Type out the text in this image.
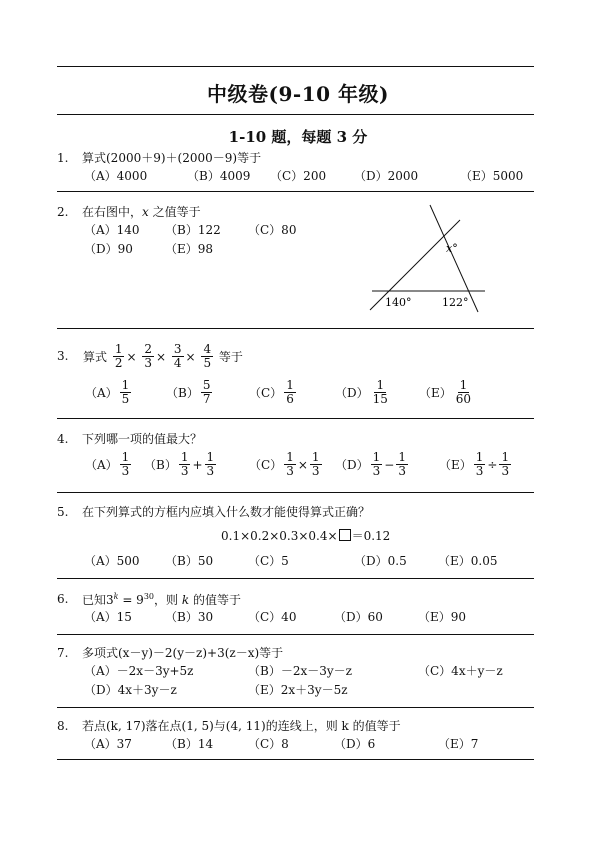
中级卷(9-10 年级)
1-10 题，每题 3 分
1. 算式(2000＋9)＋(2000－9)等于
（A）4000	（B）4009 （C）200 （D）2000	（E）5000
2. 在右图中，x 之值等于
（A）140 （B）122 （C）80
（D）90	（E）98	x°
140°	122°
3. 算式 $\frac{1}{2} \times \frac{2}{3} \times \frac{3}{4} \times \frac{4}{5}$ 等于
$(A) \frac{1}{5}$	$(B) \frac{5}{7}$	$(C) \frac{1}{6}$	$(D) \frac{1}{15} (E) \frac{1}{60}$
4. 下列哪一项的值最大？
$(A) \frac{1}{3} (B) \frac{1}{3} + \frac{1}{3}$	$(C) \frac{1}{3} \times \frac{1}{3} (D) \frac{1}{3} - \frac{1}{3}$	$(E) \frac{1}{3} \div \frac{1}{3}$
5. 在下列算式的方框内应填入什么数才能使得算式正确？
0.1×0.2×0.3×0.4× ＝0.12
（A）500 （B）50	（C）5	（D）0.5	（E）0.05
6. 已知$3^k = 9^{30}$，则 k 的值等于
（A）15	（B）30	（C）40	（D）60	（E）90
7. 多项式(x－y)－2(y－z)+3(z－x)等于
（A）－2x－3y+5z	（B）－2x－3y－z	（C）4x＋y－z
（D）4x＋3y－z	（E）2x＋3y－5z
8. 若点(k, 17)落在点(1, 5)与(4, 11)的连线上，则 k 的值等于
（A）37	（B）14	（C）8	（D）6	（E）7
